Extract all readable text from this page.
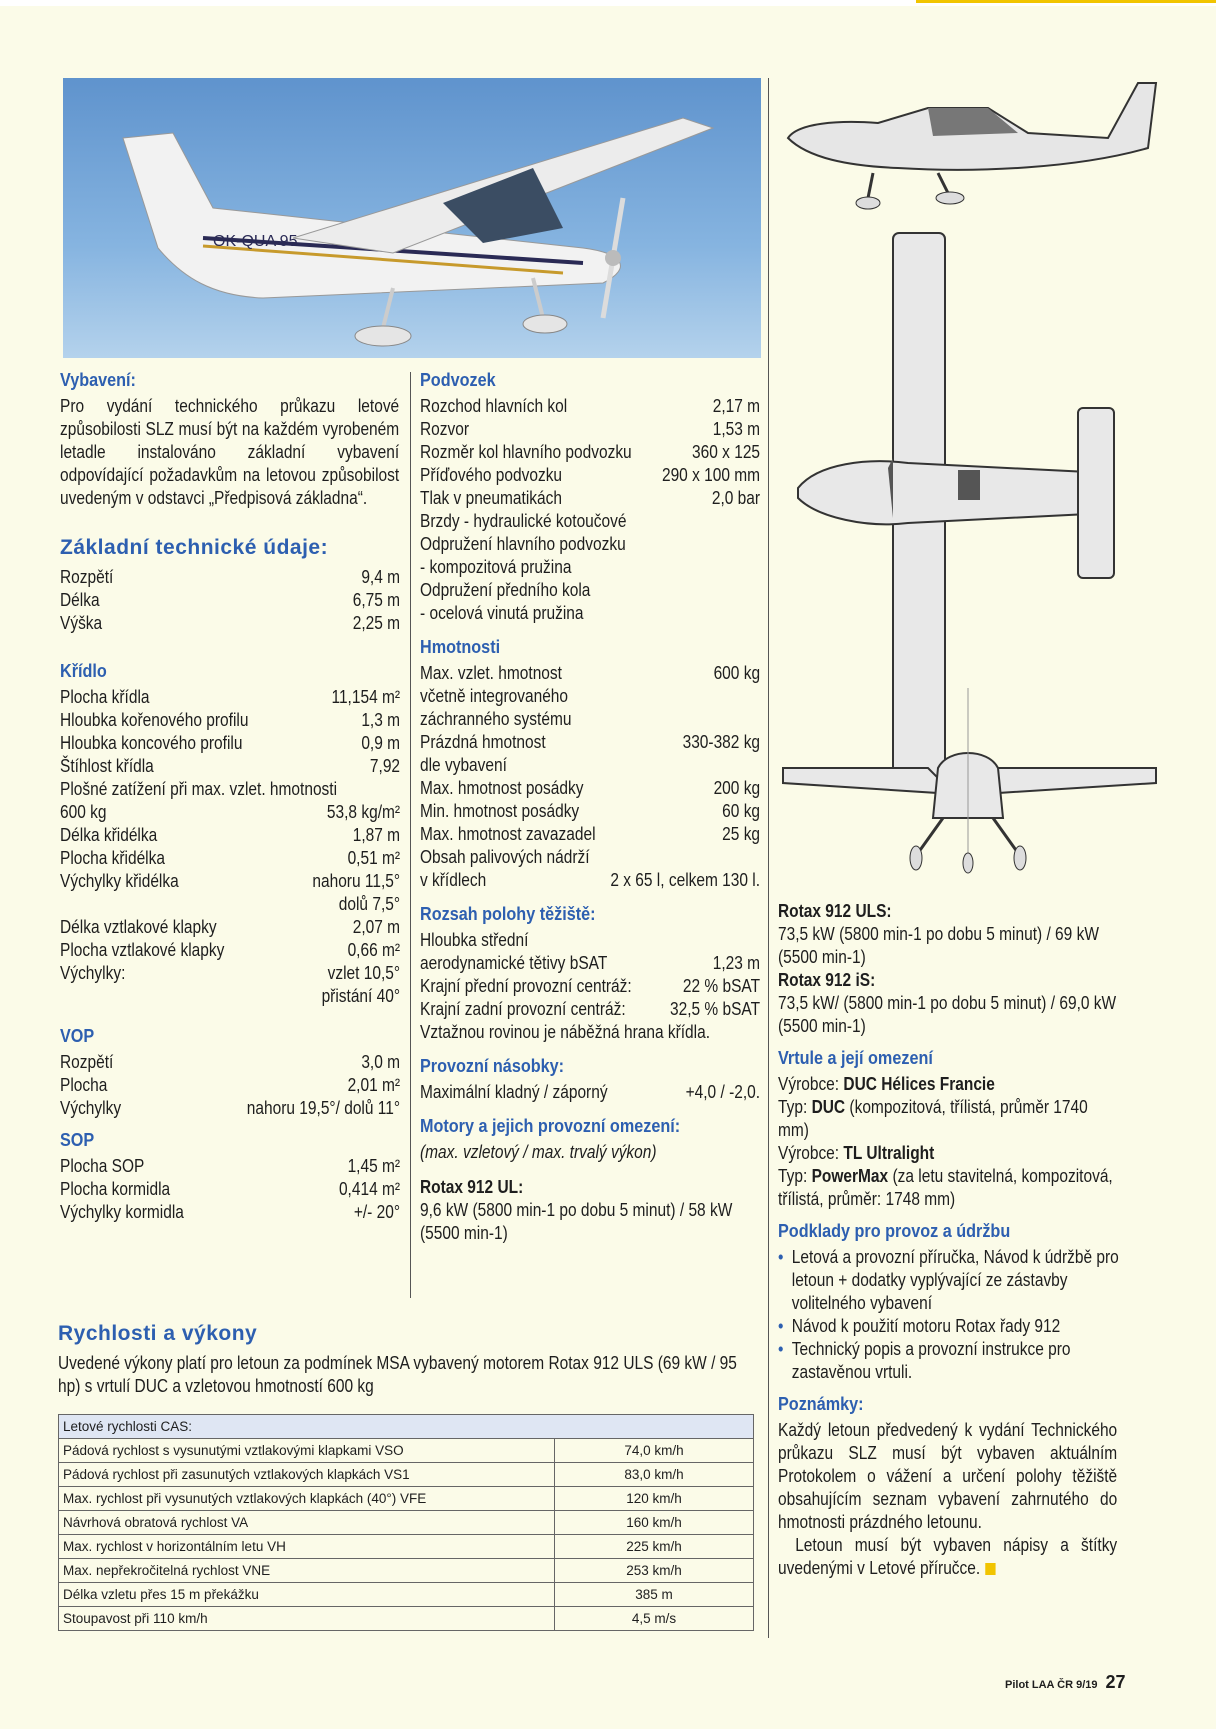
OK-QUA 95
Vybavení:

Pro vydání technického průkazu letové způsobilosti SLZ musí být na každém vyrobeném letadle instalováno základní vybavení odpovídající požadavkům na letovou způsobilost uvedeným v odstavci „Předpisová základna“.

Základní technické údaje:
Rozpětí	9,4 m
Délka	6,75 m
Výška	2,25 m
Křídlo
Plocha křídla	11,154 m²
Hloubka kořenového profilu	1,3 m
Hloubka koncového profilu	0,9 m
Štíhlost křídla	7,92
Plošné zatížení při max. vzlet. hmotnosti
600 kg	53,8 kg/m²
Délka křidélka	1,87 m
Plocha křidélka	0,51 m²
Výchylky křidélka	nahoru 11,5°
dolů 7,5°
Délka vztlakové klapky	2,07 m
Plocha vztlakové klapky	0,66 m²
Výchylky:	vzlet 10,5°
přistání 40°
VOP
Rozpětí	3,0 m
Plocha	2,01 m²
Výchylky	nahoru 19,5°/ dolů 11°
SOP
Plocha SOP	1,45 m²
Plocha kormidla	0,414 m²
Výchylky kormidla	+/- 20°
Podvozek
Rozchod hlavních kol	2,17 m
Rozvor	1,53 m
Rozměr kol hlavního podvozku	360 x 125
Příďového podvozku	290 x 100 mm
Tlak v pneumatikách	2,0 bar
Brzdy - hydraulické kotoučové
Odpružení hlavního podvozku
- kompozitová pružina
Odpružení předního kola
- ocelová vinutá pružina
Hmotnosti
Max. vzlet. hmotnost	600 kg
včetně integrovaného
záchranného systému
Prázdná hmotnost	330-382 kg
dle vybavení
Max. hmotnost posádky	200 kg
Min. hmotnost posádky	60 kg
Max. hmotnost zavazadel	25 kg
Obsah palivových nádrží
v křídlech	2 x 65 l, celkem 130 l.
Rozsah polohy těžiště:
Hloubka střední
aerodynamické tětivy bSAT	1,23 m
Krajní přední provozní centráž:	22 % bSAT
Krajní zadní provozní centráž: 32,5 % bSAT
Vztažnou rovinou je náběžná hrana křídla.
Provozní násobky:
Maximální kladný / záporný	+4,0 / -2,0.
Motory a jejich provozní omezení:

(max. vzletový / max. trvalý výkon)

Rotax 912 UL:

9,6 kW (5800 min-1 po dobu 5 minut) / 58 kW (5500 min-1)

Rotax 912 ULS:

73,5 kW (5800 min-1 po dobu 5 minut) / 69 kW (5500 min-1)

Rotax 912 iS:

73,5 kW/ (5800 min-1 po dobu 5 minut) / 69,0 kW (5500 min-1)

Vrtule a její omezení

Výrobce: DUC Hélices Francie

Typ: DUC (kompozitová, třílistá, průměr 1740 mm)

Výrobce: TL Ultralight

Typ: PowerMax (za letu stavitelná, kompozitová, třílistá, průměr: 1748 mm)

Podklady pro provoz a údržbu
• Letová a provozní příručka, Návod k údržbě pro letoun + dodatky vyplývající ze zástavby volitelného vybavení
• Návod k použití motoru Rotax řady 912
• Technický popis a provozní instrukce pro zastavěnou vrtuli.
Poznámky:

Každý letoun předvedený k vydání Technického průkazu SLZ musí být vybaven aktuálním Protokolem o vážení a určení polohy těžiště obsahujícím seznam vybavení zahrnutého do hmotnosti prázdného letounu.

Letoun musí být vybaven nápisy a štítky uvedenými v Letové příručce.

Rychlosti a výkony

Uvedené výkony platí pro letoun za podmínek MSA vybavený motorem Rotax 912 ULS (69 kW / 95 hp) s vrtulí DUC a vzletovou hmotností 600 kg

Letové rychlosti CAS:	
Pádová rychlost s vysunutými vztlakovými klapkami VSO	74,0 km/h
Pádová rychlost při zasunutých vztlakových klapkách VS1	83,0 km/h
Max. rychlost při vysunutých vztlakových klapkách (40°) VFE	120 km/h
Návrhová obratová rychlost VA	160 km/h
Max. rychlost v horizontálním letu VH	225 km/h
Max. nepřekročitelná rychlost VNE	253 km/h
Délka vzletu přes 15 m překážku	385 m
Stoupavost při 110 km/h	4,5 m/s
Pilot LAA ČR 9/19 27
